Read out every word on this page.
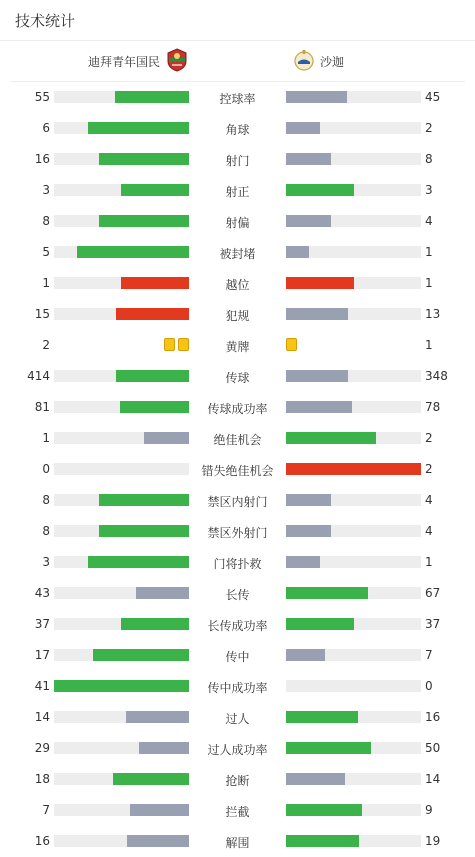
技术统计
迪拜青年国民	沙迦
55	控球率	45
6	角球	2
16	射门	8
3	射正	3
8	射偏	4
5	被封堵	1
1	越位	1
15	犯规	13
2	黄牌	1
414	传球	348
81	传球成功率	78
1	绝佳机会	2
0	错失绝佳机会	2
8	禁区内射门	4
8	禁区外射门	4
3	门将扑救	1
43	长传	67
37	长传成功率	37
17	传中	7
41	传中成功率	0
14	过人	16
29	过人成功率	50
18	抢断	14
7	拦截	9
16	解围	19
